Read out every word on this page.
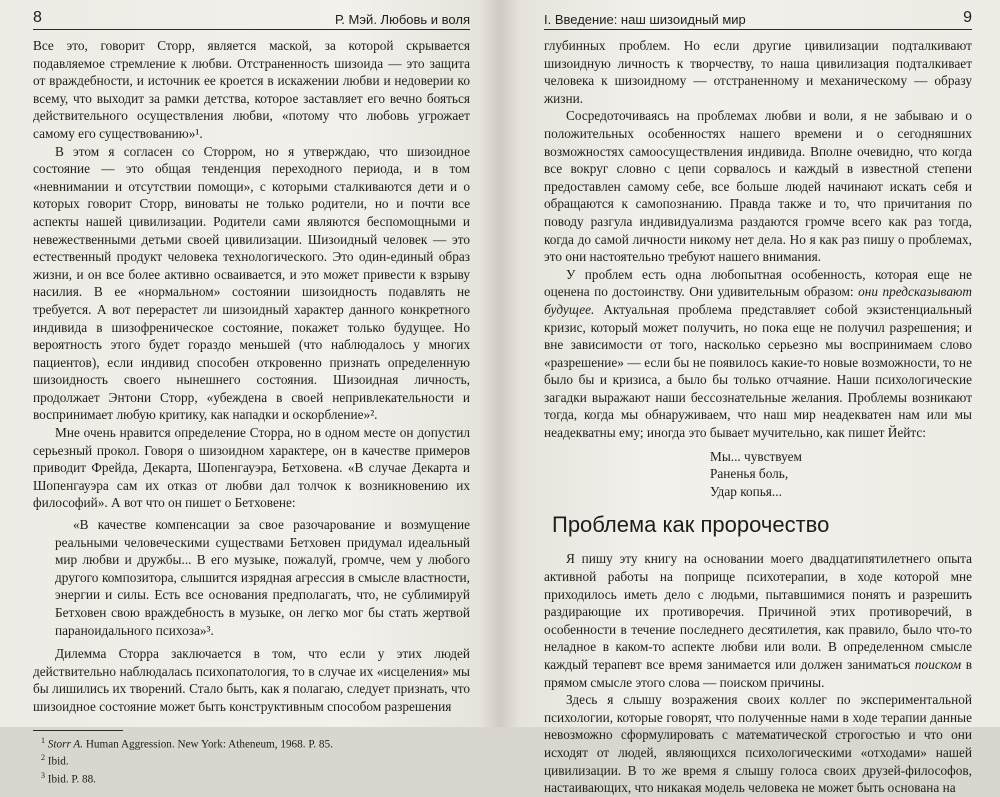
8	Р. Мэй. Любовь и воля

Все это, говорит Сторр, является маской, за которой скрывается подавляемое стремление к любви. Отстраненность шизоида — это защита от враждебности, и источник ее кроется в искажении любви и недоверии ко всему, что выходит за рамки детства, которое заставляет его вечно бояться действительного осуществления любви, «потому что любовь угрожает самому его существованию»¹.

В этом я согласен со Сторром, но я утверждаю, что шизоидное состояние — это общая тенденция переходного периода, и в том «невнимании и отсутствии помощи», с которыми сталкиваются дети и о которых говорит Сторр, виноваты не только родители, но и почти все аспекты нашей цивилизации. Родители сами являются беспомощными и невежественными детьми своей цивилизации. Шизоидный человек — это естественный продукт человека технологического. Это один-единый образ жизни, и он все более активно осваивается, и это может привести к взрыву насилия. В ее «нормальном» состоянии шизоидность подавлять не требуется. А вот перерастет ли шизоидный характер данного конкретного индивида в шизофреническое состояние, покажет только будущее. Но вероятность этого будет гораздо меньшей (что наблюдалось у многих пациентов), если индивид способен откровенно признать определенную шизоидность своего нынешнего состояния. Шизоидная личность, продолжает Энтони Сторр, «убеждена в своей непривлекательности и воспринимает любую критику, как нападки и оскорбление»².

Мне очень нравится определение Сторра, но в одном месте он допустил серьезный прокол. Говоря о шизоидном характере, он в качестве примеров приводит Фрейда, Декарта, Шопенгауэра, Бетховена. «В случае Декарта и Шопенгауэра сам их отказ от любви дал толчок к возникновению их философий». А вот что он пишет о Бетховене:

«В качестве компенсации за свое разочарование и возмущение реальными человеческими существами Бетховен придумал идеальный мир любви и дружбы... В его музыке, пожалуй, громче, чем у любого другого композитора, слышится изрядная агрессия в смысле властности, энергии и силы. Есть все основания предполагать, что, не сублимируй Бетховен свою враждебность в музыке, он легко мог бы стать жертвой параноидального психоза»³.

Дилемма Сторра заключается в том, что если у этих людей действительно наблюдалась психопатология, то в случае их «исцеления» мы бы лишились их творений. Стало быть, как я полагаю, следует признать, что шизоидное состояние может быть конструктивным способом разрешения

$^1$ Storr A. Human Aggression. New York: Atheneum, 1968. P. 85.
$^2$ Ibid.
$^3$ Ibid. P. 88.
I. Введение: наш шизоидный мир	9

глубинных проблем. Но если другие цивилизации подталкивают шизоидную личность к творчеству, то наша цивилизация подталкивает человека к шизоидному — отстраненному и механическому — образу жизни.

Сосредоточиваясь на проблемах любви и воли, я не забываю и о положительных особенностях нашего времени и о сегодняшних возможностях самоосуществления индивида. Вполне очевидно, что когда все вокруг словно с цепи сорвалось и каждый в известной степени предоставлен самому себе, все больше людей начинают искать себя и обращаются к самопознанию. Правда также и то, что причитания по поводу разгула индивидуализма раздаются громче всего как раз тогда, когда до самой личности никому нет дела. Но я как раз пишу о проблемах, это они настоятельно требуют нашего внимания.

У проблем есть одна любопытная особенность, которая еще не оценена по достоинству. Они удивительным образом: они предсказывают будущее. Актуальная проблема представляет собой экзистенциальный кризис, который может получить, но пока еще не получил разрешения; и вне зависимости от того, насколько серьезно мы воспринимаем слово «разрешение» — если бы не появилось какие-то новые возможности, то не было бы и кризиса, а было бы только отчаяние. Наши психологические загадки выражают наши бессознательные желания. Проблемы возникают тогда, когда мы обнаруживаем, что наш мир неадекватен нам или мы неадекватны ему; иногда это бывает мучительно, как пишет Йейтс:

Мы... чувствуем
Раненья боль,
Удар копья...
Проблема как пророчество

Я пишу эту книгу на основании моего двадцатипятилетнего опыта активной работы на поприще психотерапии, в ходе которой мне приходилось иметь дело с людьми, пытавшимися понять и разрешить раздирающие их противоречия. Причиной этих противоречий, в особенности в течение последнего десятилетия, как правило, было что-то неладное в каком-то аспекте любви или воли. В определенном смысле каждый терапевт все время занимается или должен заниматься поиском в прямом смысле этого слова — поиском причины.

Здесь я слышу возражения своих коллег по экспериментальной психологии, которые говорят, что полученные нами в ходе терапии данные невозможно сформулировать с математической строгостью и что они исходят от людей, являющихся психологическими «отходами» нашей цивилизации. В то же время я слышу голоса своих друзей-философов, настаивающих, что никакая модель человека не может быть основана на
